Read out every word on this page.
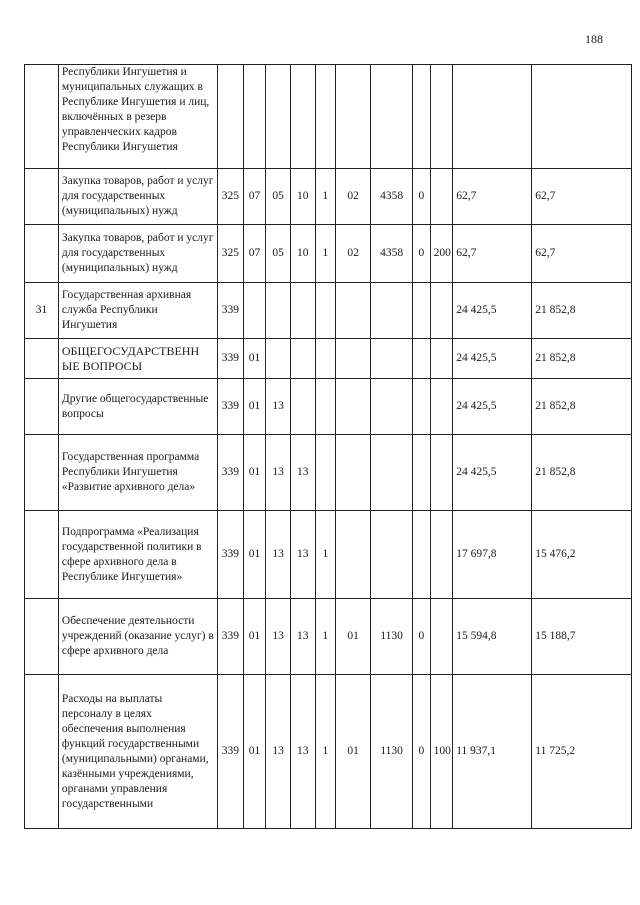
188
	Республики Ингушетия и муниципальных служащих в Республике Ингушетия и лиц, включённых в резерв управленческих кадров Республики Ингушетия											
	Закупка товаров, работ и услуг для государственных (муниципальных) нужд	325	07	05	10	1	02	4358	0		62,7	62,7
	Закупка товаров, работ и услуг для государственных (муниципальных) нужд	325	07	05	10	1	02	4358	0	200	62,7	62,7
31	Государственная архивная служба Республики Ингушетия	339									24 425,5	21 852,8
	ОБЩЕГОСУДАРСТВЕНН ЫЕ ВОПРОСЫ	339	01								24 425,5	21 852,8
	Другие общегосударственные вопросы	339	01	13							24 425,5	21 852,8
	Государственная программа Республики Ингушетия «Развитие архивного дела»	339	01	13	13						24 425,5	21 852,8
	Подпрограмма «Реализация государственной политики в сфере архивного дела в Республике Ингушетия»	339	01	13	13	1					17 697,8	15 476,2
	Обеспечение деятельности учреждений (оказание услуг) в сфере архивного дела	339	01	13	13	1	01	1130	0		15 594,8	15 188,7
	Расходы на выплаты персоналу в целях обеспечения выполнения функций государственными (муниципальными) органами, казёнными учреждениями, органами управления государственными	339	01	13	13	1	01	1130	0	100	11 937,1	11 725,2
